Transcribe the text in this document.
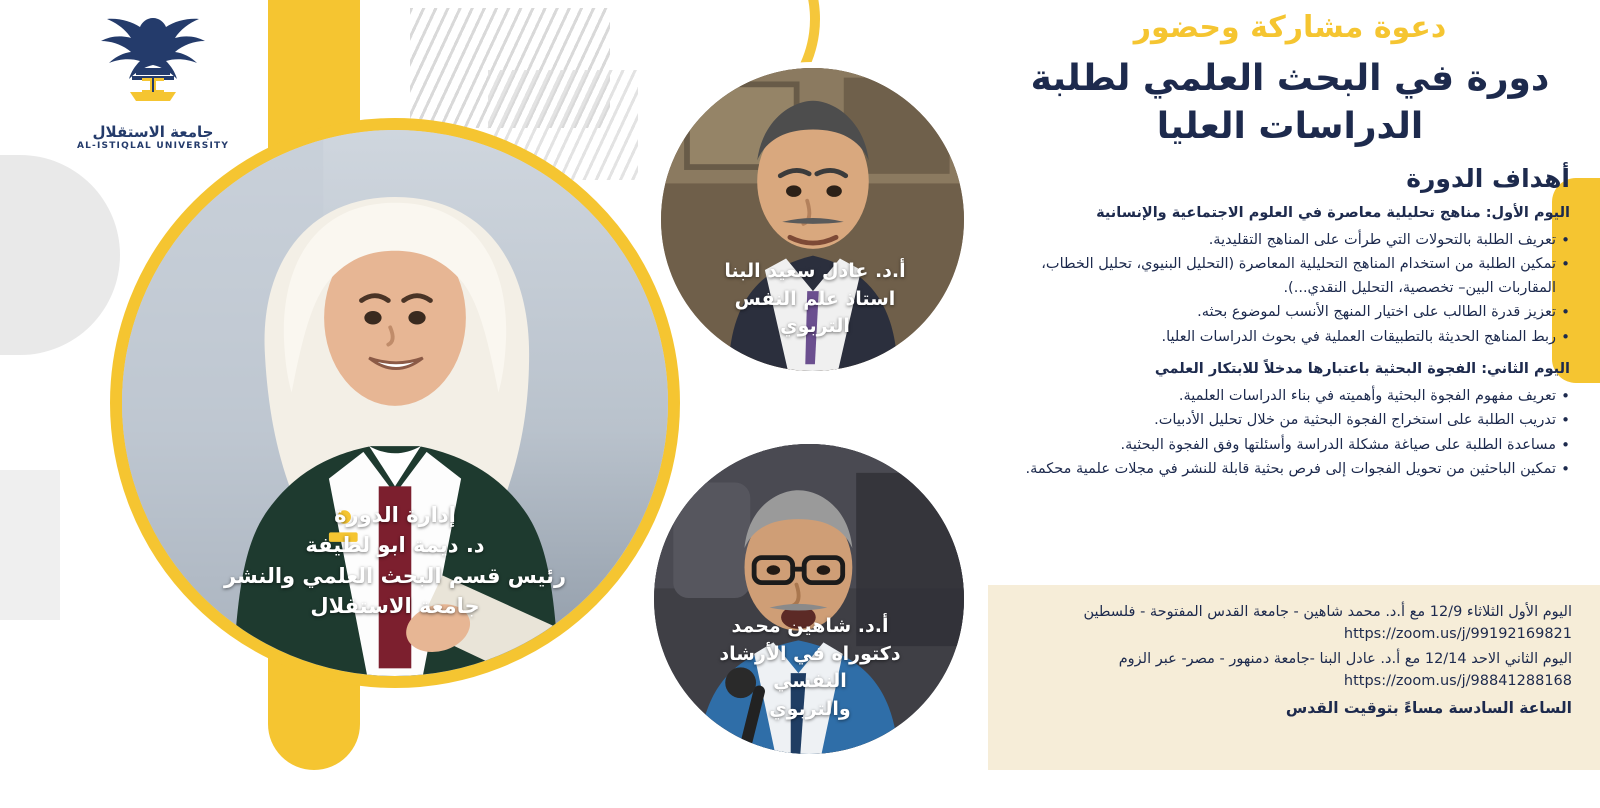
جامعة الاستقلال
AL-ISTIQLAL UNIVERSITY
إدارة الدورة
د. ديمة ابو لطيفة
رئيس قسم البحث العلمي والنشر
جامعة الاستقلال
أ.د. عادل سعيد البنا
استاذ علم النفس
التربوي
أ.د. شاهين محمد
دكتوراه في الأرشاد النفسي
والتربوي
دعوة مشاركة وحضور
دورة في البحث العلمي لطلبة الدراسات العليا
أهداف الدورة
اليوم الأول: مناهج تحليلية معاصرة في العلوم الاجتماعية والإنسانية
• تعريف الطلبة بالتحولات التي طرأت على المناهج التقليدية.
• تمكين الطلبة من استخدام المناهج التحليلية المعاصرة (التحليل البنيوي، تحليل الخطاب، المقاربات البين– تخصصية، التحليل النقدي...).
• تعزيز قدرة الطالب على اختيار المنهج الأنسب لموضوع بحثه.
• ربط المناهج الحديثة بالتطبيقات العملية في بحوث الدراسات العليا.
اليوم الثاني: الفجوة البحثية باعتبارها مدخلاً للابتكار العلمي
• تعريف مفهوم الفجوة البحثية وأهميته في بناء الدراسات العلمية.
• تدريب الطلبة على استخراج الفجوة البحثية من خلال تحليل الأدبيات.
• مساعدة الطلبة على صياغة مشكلة الدراسة وأسئلتها وفق الفجوة البحثية.
• تمكين الباحثين من تحويل الفجوات إلى فرص بحثية قابلة للنشر في مجلات علمية محكمة.
اليوم الأول الثلاثاء 12/9 مع أ.د. محمد شاهين - جامعة القدس المفتوحة - فلسطين
https://zoom.us/j/99192169821
اليوم الثاني الاحد 12/14 مع أ.د. عادل البنا -جامعة دمنهور - مصر- عبر الزوم
https://zoom.us/j/98841288168
الساعة السادسة مساءً بتوقيت القدس
